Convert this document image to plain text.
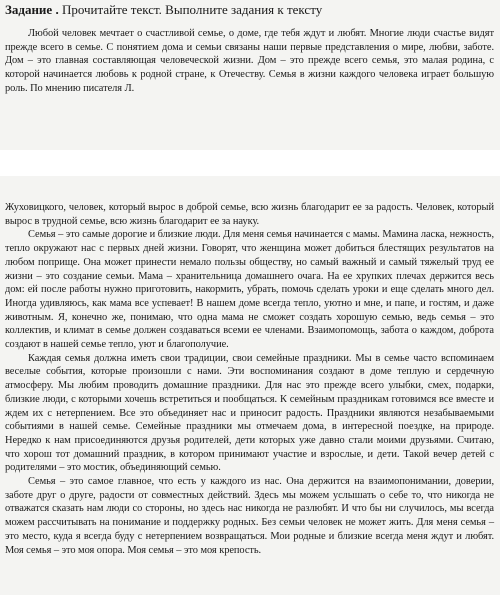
Задание . Прочитайте текст. Выполните задания к тексту

Любой человек мечтает о счастливой семье, о доме, где тебя ждут и любят. Многие люди счастье видят прежде всего в семье. С понятием дома и семьи связаны наши первые представления о мире, любви, заботе. Дом – это главная составляющая человеческой жизни. Дом – это прежде всего семья, это малая родина, с которой начинается любовь к родной стране, к Отечеству. Семья в жизни каждого человека играет большую роль. По мнению писателя Л.

Жуховицкого, человек, который вырос в доброй семье, всю жизнь благодарит ее за радость. Человек, который вырос в трудной семье, всю жизнь благодарит ее за науку.

Семья – это самые дорогие и близкие люди. Для меня семья начинается с мамы. Мамина ласка, нежность, тепло окружают нас с первых дней жизни. Говорят, что женщина может добиться блестящих результатов на любом поприще. Она может принести немало пользы обществу, но самый важный и самый тяжелый труд ее жизни – это создание семьи. Мама – хранительница домашнего очага. На ее хрупких плечах держится весь дом: ей после работы нужно приготовить, накормить, убрать, помочь сделать уроки и еще сделать много дел. Иногда удивляюсь, как мама все успевает! В нашем доме всегда тепло, уютно и мне, и папе, и гостям, и даже животным. Я, конечно же, понимаю, что одна мама не сможет создать хорошую семью, ведь семья – это коллектив, и климат в семье должен создаваться всеми ее членами. Взаимопомощь, забота о каждом, доброта создают в нашей семье тепло, уют и благополучие.

Каждая семья должна иметь свои традиции, свои семейные праздники. Мы в семье часто вспоминаем веселые события, которые произошли с нами. Эти воспоминания создают в доме теплую и сердечную атмосферу. Мы любим проводить домашние праздники. Для нас это прежде всего улыбки, смех, подарки, близкие люди, с которыми хочешь встретиться и пообщаться. К семейным праздникам готовимся все вместе и ждем их с нетерпением. Все это объединяет нас и приносит радость. Праздники являются незабываемыми событиями в нашей семье. Семейные праздники мы отмечаем дома, в интересной поездке, на природе. Нередко к нам присоединяются друзья родителей, дети которых уже давно стали моими друзьями. Считаю, что хорош тот домашний праздник, в котором принимают участие и взрослые, и дети. Такой вечер детей с родителями – это мостик, объединяющий семью.

Семья – это самое главное, что есть у каждого из нас. Она держится на взаимопонимании, доверии, заботе друг о друге, радости от совместных действий. Здесь мы можем услышать о себе то, что никогда не отважатся сказать нам люди со стороны, но здесь нас никогда не разлюбят. И что бы ни случилось, мы всегда можем рассчитывать на понимание и поддержку родных. Без семьи человек не может жить. Для меня семья – это место, куда я всегда буду с нетерпением возвращаться. Мои родные и близкие всегда меня ждут и любят. Моя семья – это моя опора. Моя семья – это моя крепость.
